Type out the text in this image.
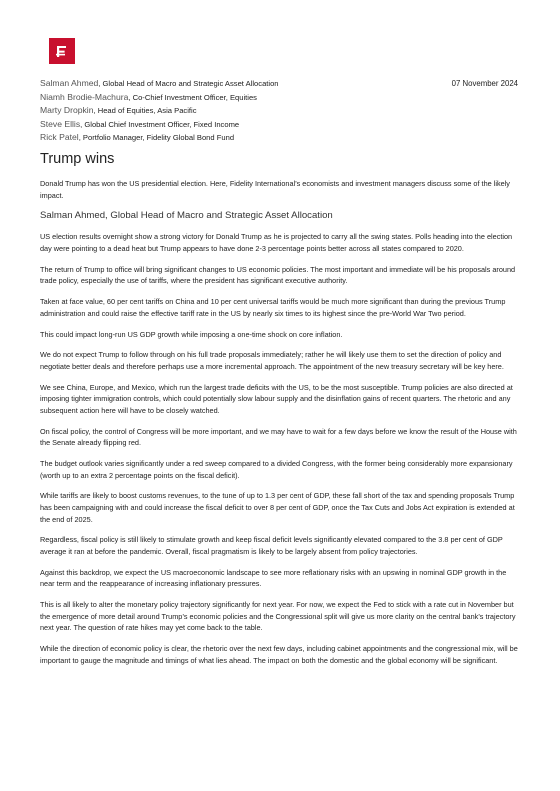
Salman Ahmed, Global Head of Macro and Strategic Asset Allocation
Niamh Brodie-Machura, Co-Chief Investment Officer, Equities
Marty Dropkin, Head of Equities, Asia Pacific
Steve Ellis, Global Chief Investment Officer, Fixed Income
Rick Patel, Portfolio Manager, Fidelity Global Bond Fund
07 November 2024
Trump wins

Donald Trump has won the US presidential election. Here, Fidelity International’s economists and investment managers discuss some of the likely impact.

Salman Ahmed, Global Head of Macro and Strategic Asset Allocation

US election results overnight show a strong victory for Donald Trump as he is projected to carry all the swing states. Polls heading into the election day were pointing to a dead heat but Trump appears to have done 2-3 percentage points better across all states compared to 2020.

The return of Trump to office will bring significant changes to US economic policies. The most important and immediate will be his proposals around trade policy, especially the use of tariffs, where the president has significant executive authority.

Taken at face value, 60 per cent tariffs on China and 10 per cent universal tariffs would be much more significant than during the previous Trump administration and could raise the effective tariff rate in the US by nearly six times to its highest since the pre-World War Two period.

This could impact long-run US GDP growth while imposing a one-time shock on core inflation.

We do not expect Trump to follow through on his full trade proposals immediately; rather he will likely use them to set the direction of policy and negotiate better deals and therefore perhaps use a more incremental approach. The appointment of the new treasury secretary will be key here.

We see China, Europe, and Mexico, which run the largest trade deficits with the US, to be the most susceptible. Trump policies are also directed at imposing tighter immigration controls, which could potentially slow labour supply and the disinflation gains of recent quarters. The rhetoric and any subsequent action here will have to be closely watched.

On fiscal policy, the control of Congress will be more important, and we may have to wait for a few days before we know the result of the House with the Senate already flipping red.

The budget outlook varies significantly under a red sweep compared to a divided Congress, with the former being considerably more expansionary (worth up to an extra 2 percentage points on the fiscal deficit).

While tariffs are likely to boost customs revenues, to the tune of up to 1.3 per cent of GDP, these fall short of the tax and spending proposals Trump has been campaigning with and could increase the fiscal deficit to over 8 per cent of GDP, once the Tax Cuts and Jobs Act expiration is extended at the end of 2025.

Regardless, fiscal policy is still likely to stimulate growth and keep fiscal deficit levels significantly elevated compared to the 3.8 per cent of GDP average it ran at before the pandemic. Overall, fiscal pragmatism is likely to be largely absent from policy trajectories.

Against this backdrop, we expect the US macroeconomic landscape to see more reflationary risks with an upswing in nominal GDP growth in the near term and the reappearance of increasing inflationary pressures.

This is all likely to alter the monetary policy trajectory significantly for next year. For now, we expect the Fed to stick with a rate cut in November but the emergence of more detail around Trump’s economic policies and the Congressional split will give us more clarity on the central bank’s trajectory next year. The question of rate hikes may yet come back to the table.

While the direction of economic policy is clear, the rhetoric over the next few days, including cabinet appointments and the congressional mix, will be important to gauge the magnitude and timings of what lies ahead. The impact on both the domestic and the global economy will be significant.
